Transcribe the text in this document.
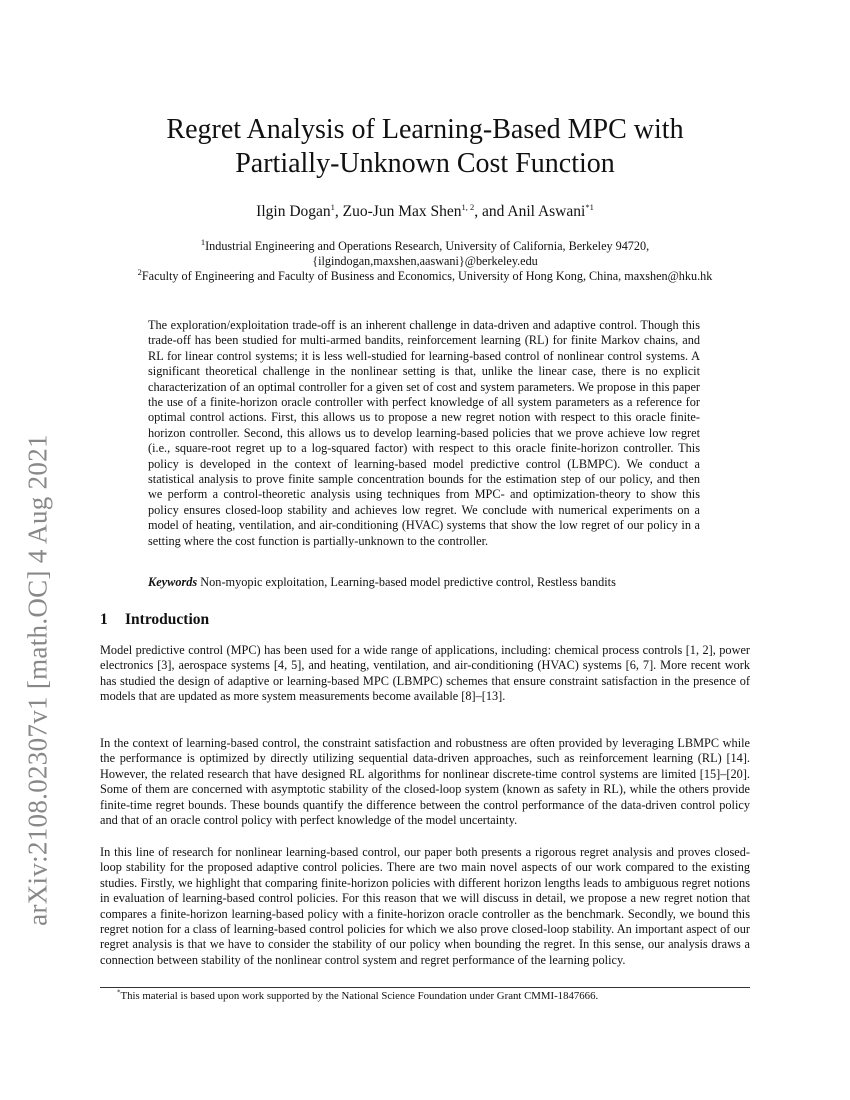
arXiv:2108.02307v1 [math.OC] 4 Aug 2021
Regret Analysis of Learning-Based MPC with
Partially-Unknown Cost Function
Ilgin Dogan$^1$, Zuo-Jun Max Shen$^{1, 2}$, and Anil Aswani$^{*1}$
$^1$Industrial Engineering and Operations Research, University of California, Berkeley 94720,
{ilgindogan,maxshen,aaswani}@berkeley.edu
$^2$Faculty of Engineering and Faculty of Business and Economics, University of Hong Kong, China, maxshen@hku.hk
The exploration/exploitation trade-off is an inherent challenge in data-driven and adaptive control. Though this trade-off has been studied for multi-armed bandits, reinforcement learning (RL) for finite Markov chains, and RL for linear control systems; it is less well-studied for learning-based control of nonlinear control systems. A significant theoretical challenge in the nonlinear setting is that, unlike the linear case, there is no explicit characterization of an optimal controller for a given set of cost and system parameters. We propose in this paper the use of a finite-horizon oracle controller with perfect knowledge of all system parameters as a reference for optimal control actions. First, this allows us to propose a new regret notion with respect to this oracle finite-horizon controller. Second, this allows us to develop learning-based policies that we prove achieve low regret (i.e., square-root regret up to a log-squared factor) with respect to this oracle finite-horizon controller. This policy is developed in the context of learning-based model predictive control (LBMPC). We conduct a statistical analysis to prove finite sample concentration bounds for the estimation step of our policy, and then we perform a control-theoretic analysis using techniques from MPC- and optimization-theory to show this policy ensures closed-loop stability and achieves low regret. We conclude with numerical experiments on a model of heating, ventilation, and air-conditioning (HVAC) systems that show the low regret of our policy in a setting where the cost function is partially-unknown to the controller.
Keywords Non-myopic exploitation, Learning-based model predictive control, Restless bandits
1 Introduction
Model predictive control (MPC) has been used for a wide range of applications, including: chemical process controls [1, 2], power electronics [3], aerospace systems [4, 5], and heating, ventilation, and air-conditioning (HVAC) systems [6, 7]. More recent work has studied the design of adaptive or learning-based MPC (LBMPC) schemes that ensure constraint satisfaction in the presence of models that are updated as more system measurements become available [8]–[13].
In the context of learning-based control, the constraint satisfaction and robustness are often provided by leveraging LBMPC while the performance is optimized by directly utilizing sequential data-driven approaches, such as reinforcement learning (RL) [14]. However, the related research that have designed RL algorithms for nonlinear discrete-time control systems are limited [15]–[20]. Some of them are concerned with asymptotic stability of the closed-loop system (known as safety in RL), while the others provide finite-time regret bounds. These bounds quantify the difference between the control performance of the data-driven control policy and that of an oracle control policy with perfect knowledge of the model uncertainty.
In this line of research for nonlinear learning-based control, our paper both presents a rigorous regret analysis and proves closed-loop stability for the proposed adaptive control policies. There are two main novel aspects of our work compared to the existing studies. Firstly, we highlight that comparing finite-horizon policies with different horizon lengths leads to ambiguous regret notions in evaluation of learning-based control policies. For this reason that we will discuss in detail, we propose a new regret notion that compares a finite-horizon learning-based policy with a finite-horizon oracle controller as the benchmark. Secondly, we bound this regret notion for a class of learning-based control policies for which we also prove closed-loop stability. An important aspect of our regret analysis is that we have to consider the stability of our policy when bounding the regret. In this sense, our analysis draws a connection between stability of the nonlinear control system and regret performance of the learning policy.
*This material is based upon work supported by the National Science Foundation under Grant CMMI-1847666.
